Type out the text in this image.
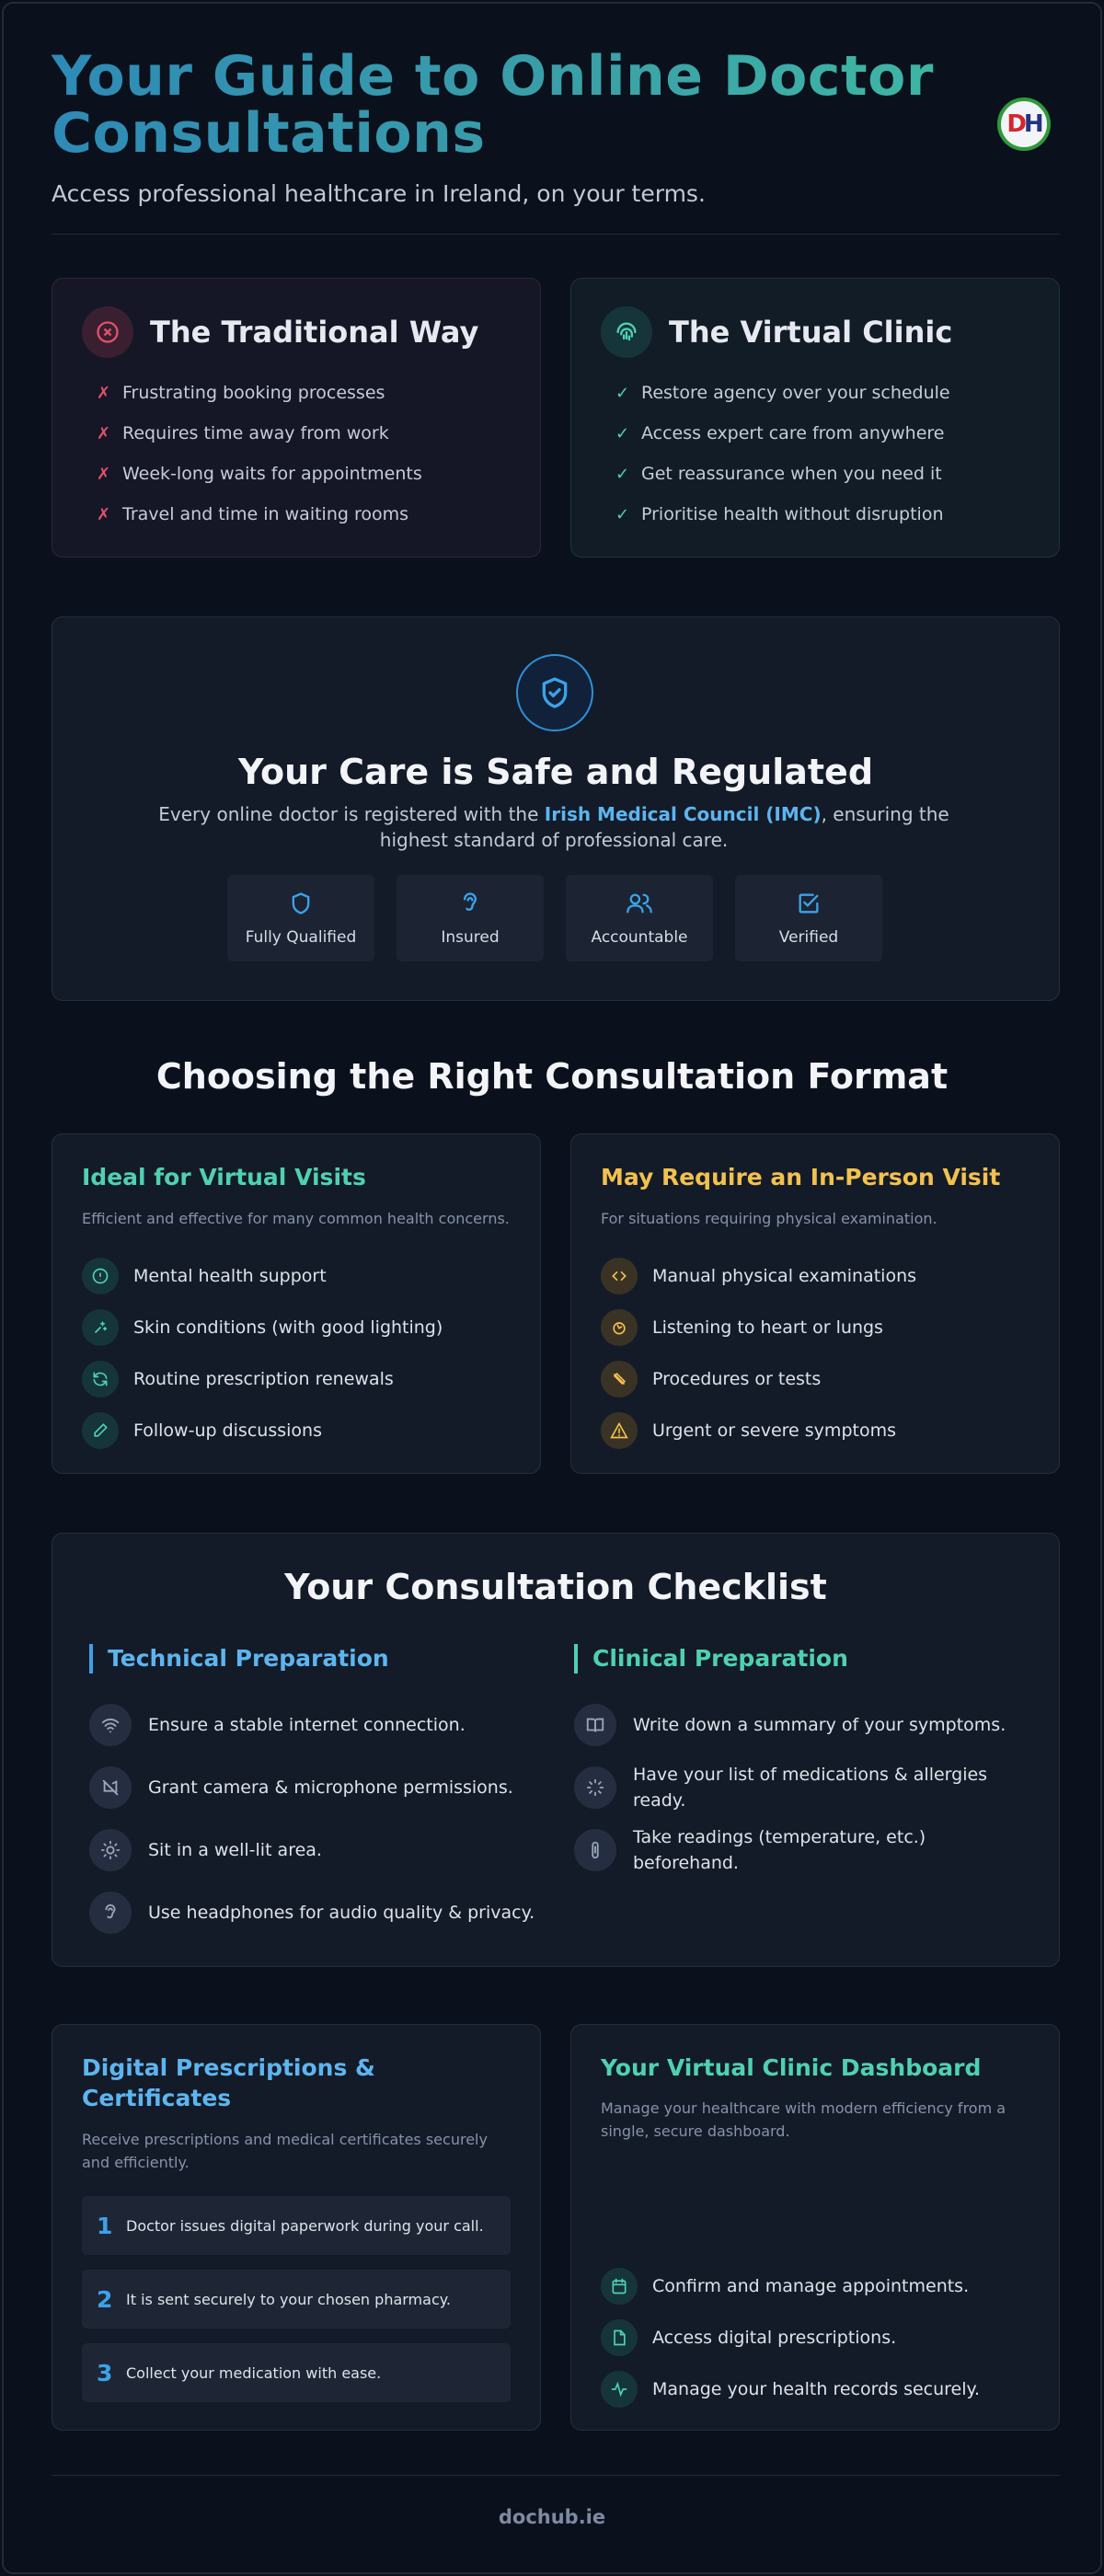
Your Guide to Online Doctor Consultations
Access professional healthcare in Ireland, on your terms.
D H
The Traditional Way
✗ Frustrating booking processes
✗ Requires time away from work
✗ Week-long waits for appointments
✗ Travel and time in waiting rooms
The Virtual Clinic
✓ Restore agency over your schedule
✓ Access expert care from anywhere
✓ Get reassurance when you need it
✓ Prioritise health without disruption
Your Care is Safe and Regulated

Every online doctor is registered with the Irish Medical Council (IMC), ensuring the highest standard of professional care.

Fully Qualified	Insured	Accountable	Verified
Choosing the Right Consultation Format
Ideal for Virtual Visits
Efficient and effective for many common health concerns.
Mental health support
Skin conditions (with good lighting)
Routine prescription renewals
Follow-up discussions
May Require an In-Person Visit
For situations requiring physical examination.
Manual physical examinations
Listening to heart or lungs
Procedures or tests
Urgent or severe symptoms
Your Consultation Checklist
Technical Preparation
Ensure a stable internet connection.
Grant camera & microphone permissions.
Sit in a well-lit area.
Use headphones for audio quality & privacy.
Clinical Preparation
Write down a summary of your symptoms.
Have your list of medications & allergies ready.
Take readings (temperature, etc.) beforehand.
Digital Prescriptions & Certificates
Receive prescriptions and medical certificates securely and efficiently.
1 Doctor issues digital paperwork during your call.
2 It is sent securely to your chosen pharmacy.
3 Collect your medication with ease.
Your Virtual Clinic Dashboard
Manage your healthcare with modern efficiency from a single, secure dashboard.
Confirm and manage appointments.
Access digital prescriptions.
Manage your health records securely.
dochub.ie
